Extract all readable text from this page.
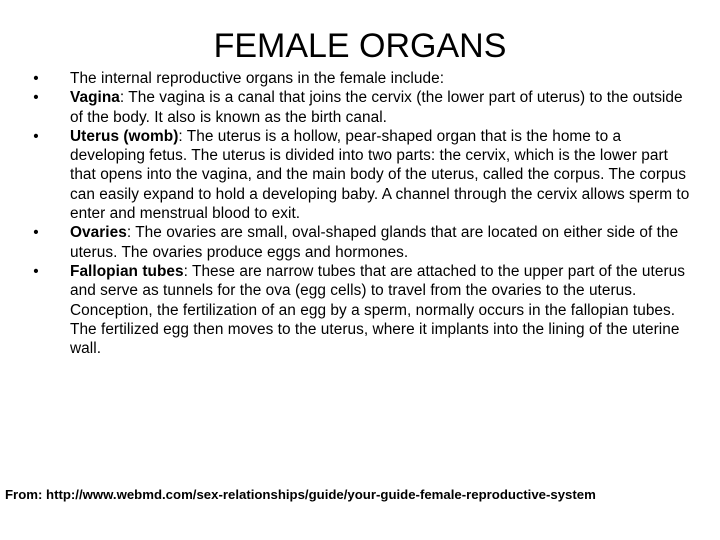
FEMALE ORGANS
• The internal reproductive organs in the female include:
• Vagina: The vagina is a canal that joins the cervix (the lower part of uterus) to the outside of the body. It also is known as the birth canal.
• Uterus (womb): The uterus is a hollow, pear-shaped organ that is the home to a developing fetus. The uterus is divided into two parts: the cervix, which is the lower part that opens into the vagina, and the main body of the uterus, called the corpus. The corpus can easily expand to hold a developing baby. A channel through the cervix allows sperm to enter and menstrual blood to exit.
• Ovaries: The ovaries are small, oval-shaped glands that are located on either side of the uterus. The ovaries produce eggs and hormones.
• Fallopian tubes: These are narrow tubes that are attached to the upper part of the uterus and serve as tunnels for the ova (egg cells) to travel from the ovaries to the uterus. Conception, the fertilization of an egg by a sperm, normally occurs in the fallopian tubes. The fertilized egg then moves to the uterus, where it implants into the lining of the uterine wall.
From: http://www.webmd.com/sex-relationships/guide/your-guide-female-reproductive-system
